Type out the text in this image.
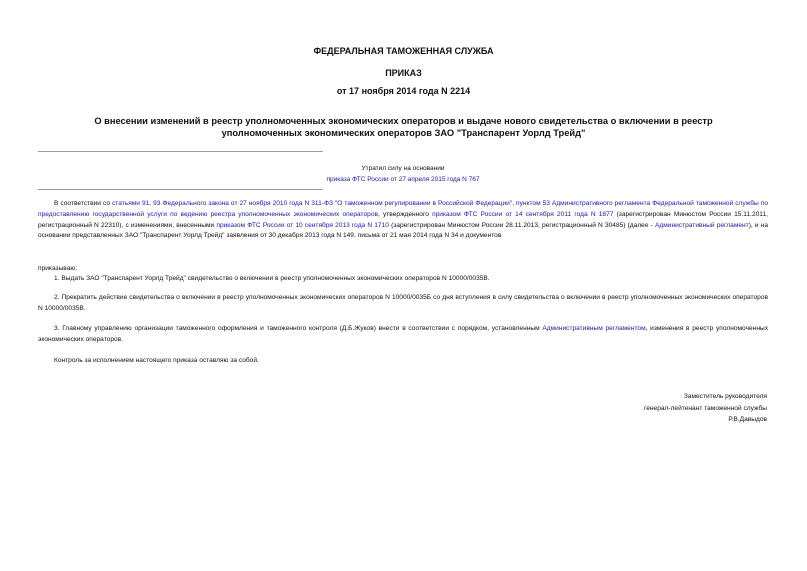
ФЕДЕРАЛЬНАЯ ТАМОЖЕННАЯ СЛУЖБА
ПРИКАЗ
от 17 ноября 2014 года N 2214
О внесении изменений в реестр уполномоченных экономических операторов и выдаче нового свидетельства о включении в реестр уполномоченных экономических операторов ЗАО "Транспарент Уорлд Трейд"
Утратил силу на основании
приказа ФТС России от 27 апреля 2015 года N 767
В соответствии со статьями 91, 93 Федерального закона от 27 ноября 2010 года N 311-ФЗ "О таможенном регулировании в Российской Федерации", пунктом 53 Административного регламента Федеральной таможенной службы по предоставлению государственной услуги по ведению реестра уполномоченных экономических операторов, утвержденного приказом ФТС России от 14 сентября 2011 года N 1877 (зарегистрирован Минюстом России 15.11.2011, регистрационный N 22310), с изменениями, внесенными приказом ФТС России от 10 сентября 2013 года N 1710 (зарегистрирован Минюстом России 28.11.2013, регистрационный N 30485) (далее - Административный регламент), и на основании представленных ЗАО "Транспарент Уорлд Трейд" заявления от 30 декабря 2013 года N 149, письма от 21 мая 2014 года N 34 и документов
приказываю:
1. Выдать ЗАО "Транспарент Уорлд Трейд" свидетельство о включении в реестр уполномоченных экономических операторов N 10000/0035В.
2. Прекратить действие свидетельства о включении в реестр уполномоченных экономических операторов N 10000/0035Б со дня вступления в силу свидетельства о включении в реестр уполномоченных экономических операторов N 10000/0035В.
3. Главному управлению организации таможенного оформления и таможенного контроля (Д.Б.Жуков) внести в соответствии с порядком, установленным Административным регламентом, изменения в реестр уполномоченных экономических операторов.
Контроль за исполнением настоящего приказа оставляю за собой.
Заместитель руководителя
генерал-лейтенант таможенной службы
Р.В.Давыдов
